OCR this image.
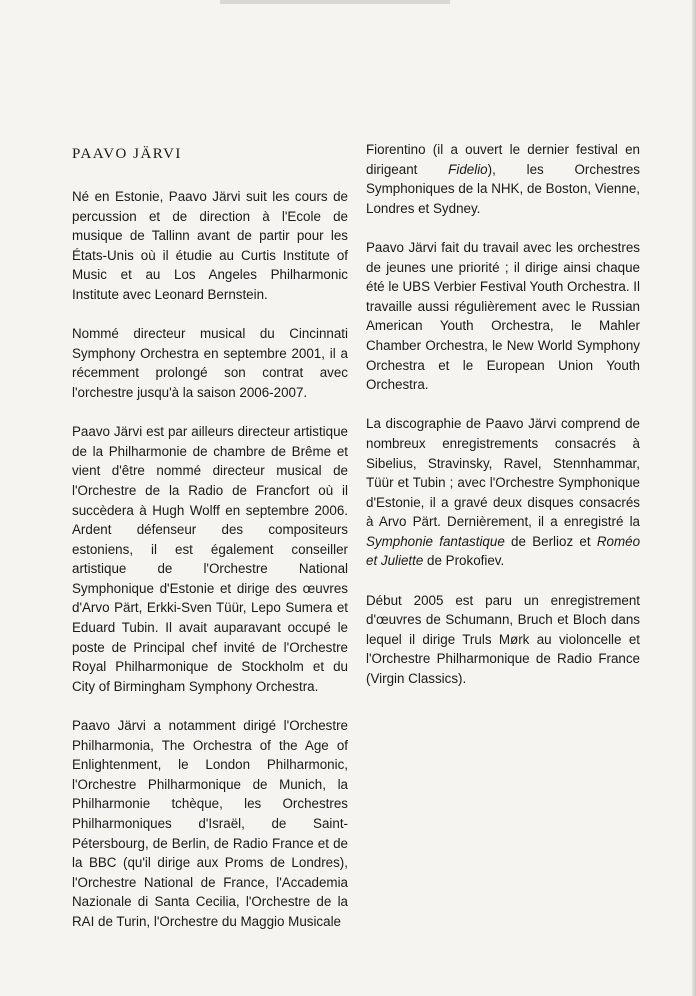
PAAVO JÄRVI

Né en Estonie, Paavo Järvi suit les cours de percussion et de direction à l'Ecole de musique de Tallinn avant de partir pour les États-Unis où il étudie au Curtis Institute of Music et au Los Angeles Philharmonic Institute avec Leonard Bernstein.

Nommé directeur musical du Cincinnati Symphony Orchestra en septembre 2001, il a récemment prolongé son contrat avec l'orchestre jusqu'à la saison 2006-2007.

Paavo Järvi est par ailleurs directeur artistique de la Philharmonie de chambre de Brême et vient d'être nommé directeur musical de l'Orchestre de la Radio de Francfort où il succèdera à Hugh Wolff en septembre 2006. Ardent défenseur des compositeurs estoniens, il est également conseiller artistique de l'Orchestre National Symphonique d'Estonie et dirige des œuvres d'Arvo Pärt, Erkki-Sven Tüür, Lepo Sumera et Eduard Tubin. Il avait auparavant occupé le poste de Principal chef invité de l'Orchestre Royal Philharmonique de Stockholm et du City of Birmingham Symphony Orchestra.

Paavo Järvi a notamment dirigé l'Orchestre Philharmonia, The Orchestra of the Age of Enlightenment, le London Philharmonic, l'Orchestre Philharmonique de Munich, la Philharmonie tchèque, les Orchestres Philharmoniques d'Israël, de Saint-Pétersbourg, de Berlin, de Radio France et de la BBC (qu'il dirige aux Proms de Londres), l'Orchestre National de France, l'Accademia Nazionale di Santa Cecilia, l'Orchestre de la RAI de Turin, l'Orchestre du Maggio Musicale

Fiorentino (il a ouvert le dernier festival en dirigeant Fidelio), les Orchestres Symphoniques de la NHK, de Boston, Vienne, Londres et Sydney.

Paavo Järvi fait du travail avec les orchestres de jeunes une priorité ; il dirige ainsi chaque été le UBS Verbier Festival Youth Orchestra. Il travaille aussi régulièrement avec le Russian American Youth Orchestra, le Mahler Chamber Orchestra, le New World Symphony Orchestra et le European Union Youth Orchestra.

La discographie de Paavo Järvi comprend de nombreux enregistrements consacrés à Sibelius, Stravinsky, Ravel, Stennhammar, Tüür et Tubin ; avec l'Orchestre Symphonique d'Estonie, il a gravé deux disques consacrés à Arvo Pärt. Dernièrement, il a enregistré la Symphonie fantastique de Berlioz et Roméo et Juliette de Prokofiev.

Début 2005 est paru un enregistrement d'œuvres de Schumann, Bruch et Bloch dans lequel il dirige Truls Mørk au violoncelle et l'Orchestre Philharmonique de Radio France (Virgin Classics).
